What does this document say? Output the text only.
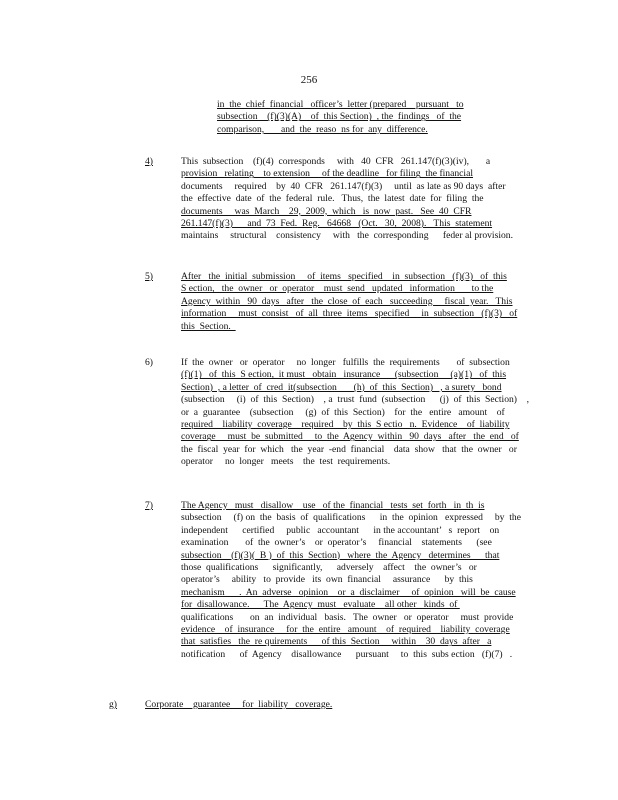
256
in  the  chief  financial   officer’s  letter (prepared    pursuant   to
subsection    (f)(3)(A)    of  this Section)  , the  findings   of  the
comparison,       and  the  reaso  ns for  any  difference.
4)	This  subsection    (f)(4)  corresponds     with   40  CFR   261.147(f)(3)(iv),       a
provision   relating    to extension     of the deadline   for filing  the financial
documents     required    by  40  CFR   261.147(f)(3)     until  as late as 90 days  after
the  effective  date  of  the  federal  rule.   Thus,  the  latest  date  for  filing  the
documents     was  March    29,  2009,  which   is  now  past.   See  40  CFR
261.147(f)(3)      and  73  Fed.  Reg.   64668   (Oct.   30,  2008).   This  statement
maintains     structural    consistency     with   the  corresponding      feder al provision.
5)	After   the  initial  submission     of  items   specified    in  subsection   (f)(3)   of  this
S ection,   the  owner   or  operator    must  send   updated   information       to the
Agency  within   90  days   after   the  close  of  each   succeeding     fiscal  year.   This
information     must  consist   of  all  three  items   specified     in  subsection   (f)(3)   of
this  Section.
6)	If  the  owner   or  operator     no  longer   fulfills  the  requirements       of  subsection
(f)(1)   of  this  S ection,  it must   obtain   insurance      (subsection     (a)(1)   of  this
Section)  , a letter  of  cred  it(subsection       (h)  of  this  Section)   , a surety   bond
(subsection     (i)  of  this  Section)    , a  trust  fund  (subsection      (j)  of  this  Section)    ,
or  a  guarantee    (subsection     (g)  of  this  Section)    for  the   entire   amount    of
required    liability  coverage    required    by  this  S ectio   n.  Evidence    of  liability
coverage     must  be  submitted     to  the  Agency  within   90  days   after   the  end   of
the  fiscal  year  for  which   the  year  -end  financial    data  show   that  the  owner   or
operator     no  longer   meets    the  test  requirements.
7)	The Agency   must   disallow    use   of the  financial   tests  set  forth   in  th  is
subsection     (f) on  the  basis  of  qualifications      in  the  opinion   expressed     by  the
independent      certified     public   accountant      in the accountant’   s  report    on
examination       of  the  owner’s    or  operator’s     financial    statements      (see
subsection    (f)(3)(  B )  of  this  Section)   where  the  Agency   determines      that
those  qualifications      significantly,      adversely    affect    the  owner’s   or
operator’s     ability   to  provide   its  own  financial     assurance      by  this
mechanism      .  An  adverse   opinion    or  a  disclaimer     of  opinion   will  be  cause
for  disallowance.      The  Agency  must   evaluate    all other   kinds  of
qualifications       on  an  individual   basis.   The  owner   or  operator     must  provide
evidence    of  insurance     for  the  entire   amount    of  required    liability  coverage
that  satisfies   the  re quirements      of this  Section     within    30  days  after   a
notification      of  Agency    disallowance      pursuant     to  this  subs ection   (f)(7)   .
g)	Corporate    guarantee     for  liability   coverage.
